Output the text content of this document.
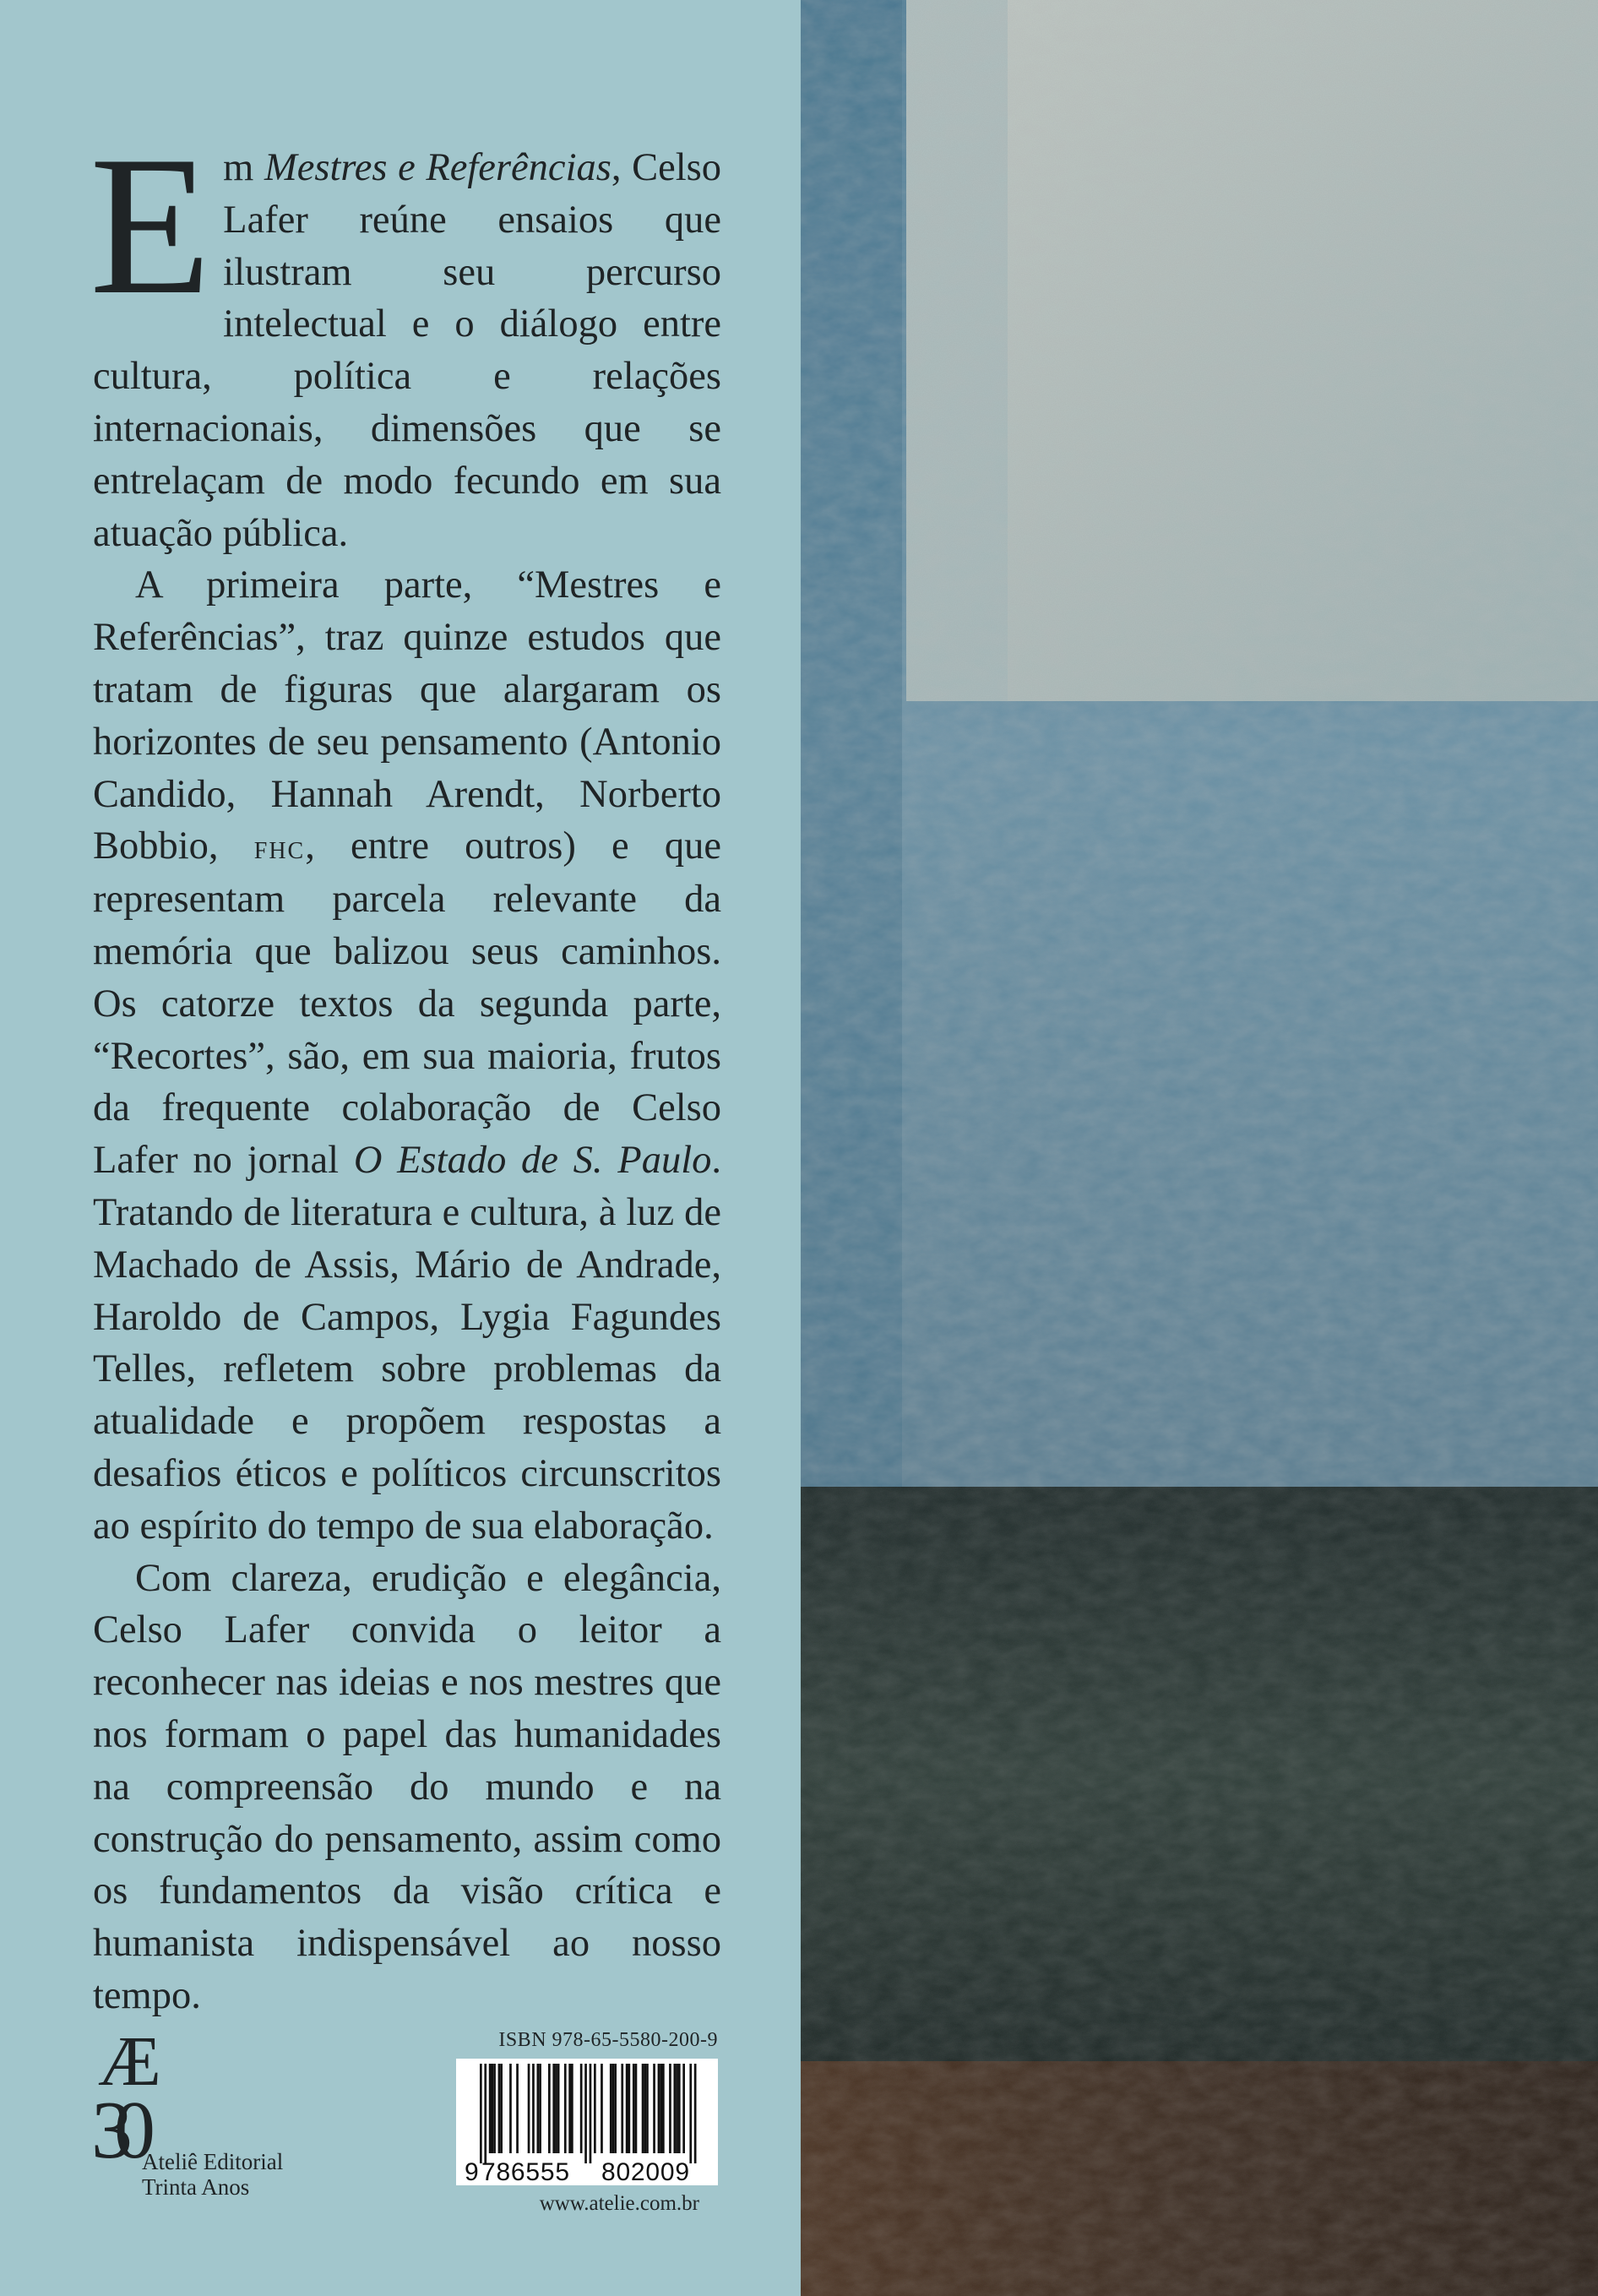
Em Mestres e Referências, Celso Lafer reúne ensaios que ilustram seu percurso intelectual e o diálogo entre cultura, política e relações internacionais, dimensões que se entrelaçam de modo fecundo em sua atuação pública.

A primeira parte, “Mestres e Referências”, traz quinze estudos que tratam de figuras que alargaram os horizontes de seu pensamento (Antonio Candido, Hannah Arendt, Norberto Bobbio, fhc, entre outros) e que representam parcela relevante da memória que balizou seus caminhos. Os catorze textos da segunda parte, “Recortes”, são, em sua maioria, frutos da frequente colaboração de Celso Lafer no jornal O Estado de S. Paulo. Tratando de literatura e cultura, à luz de Machado de Assis, Mário de Andrade, Haroldo de Campos, Lygia Fagundes Telles, refletem sobre problemas da atualidade e propõem respostas a desafios éticos e políticos circunscritos ao espírito do tempo de sua elaboração.

Com clareza, erudição e elegância, Celso Lafer convida o leitor a reconhecer nas ideias e nos mestres que nos formam o papel das humanidades na compreensão do mundo e na construção do pensamento, assim como os fundamentos da visão crítica e humanista indispensável ao nosso tempo.

Æ
30 Ateliê Editorial
Trinta Anos
ISBN 978-65-5580-200-9
9 786555 802009
www.atelie.com.br
